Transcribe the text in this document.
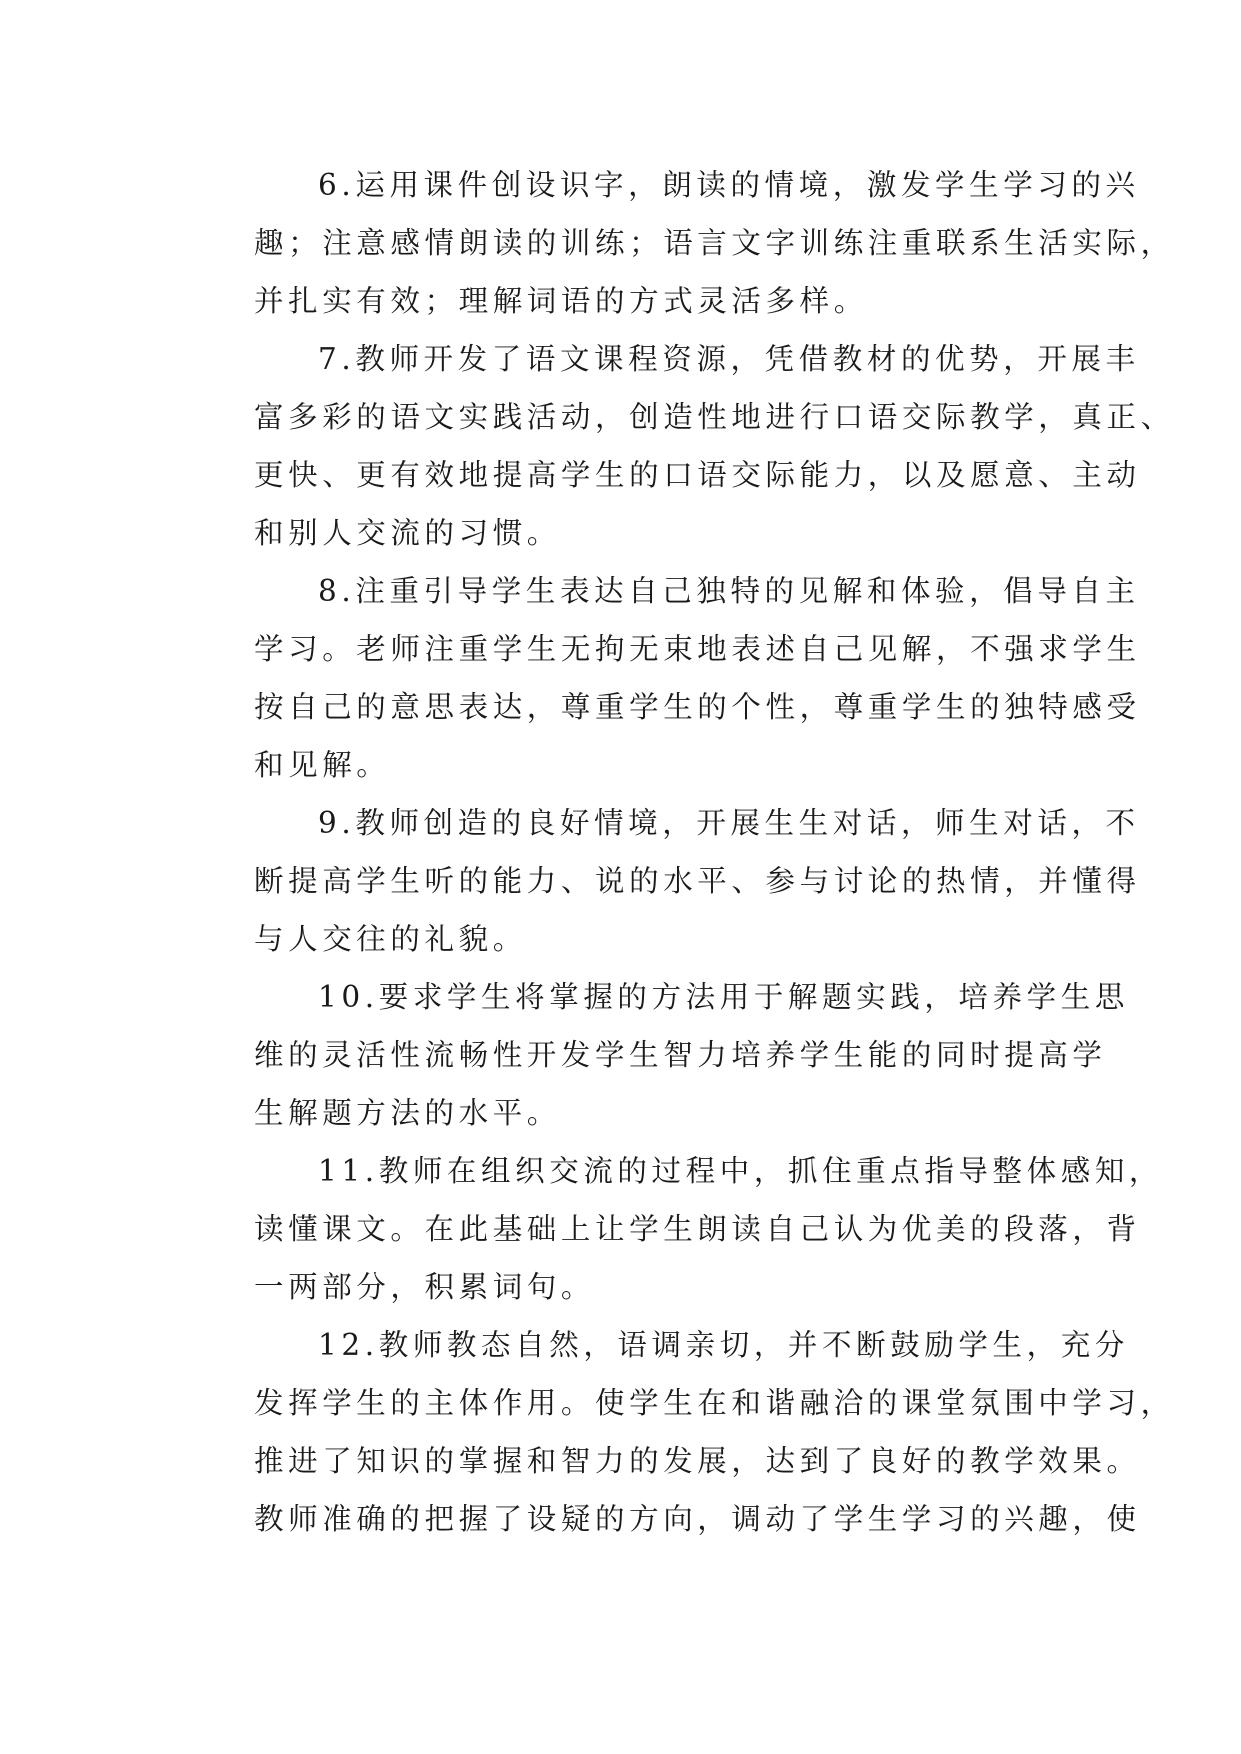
6.运用课件创设识字，朗读的情境，激发学生学习的兴
趣；注意感情朗读的训练；语言文字训练注重联系生活实际，
并扎实有效；理解词语的方式灵活多样。
7.教师开发了语文课程资源，凭借教材的优势，开展丰
富多彩的语文实践活动，创造性地进行口语交际教学，真正、
更快、更有效地提高学生的口语交际能力，以及愿意、主动
和别人交流的习惯。
8.注重引导学生表达自己独特的见解和体验，倡导自主
学习。老师注重学生无拘无束地表述自己见解，不强求学生
按自己的意思表达，尊重学生的个性，尊重学生的独特感受
和见解。
9.教师创造的良好情境，开展生生对话，师生对话，不
断提高学生听的能力、说的水平、参与讨论的热情，并懂得
与人交往的礼貌。
10.要求学生将掌握的方法用于解题实践，培养学生思
维的灵活性流畅性开发学生智力培养学生能的同时提高学
生解题方法的水平。
11.教师在组织交流的过程中，抓住重点指导整体感知，
读懂课文。在此基础上让学生朗读自己认为优美的段落，背
一两部分，积累词句。
12.教师教态自然，语调亲切，并不断鼓励学生，充分
发挥学生的主体作用。使学生在和谐融洽的课堂氛围中学习，
推进了知识的掌握和智力的发展，达到了良好的教学效果。
教师准确的把握了设疑的方向，调动了学生学习的兴趣，使
